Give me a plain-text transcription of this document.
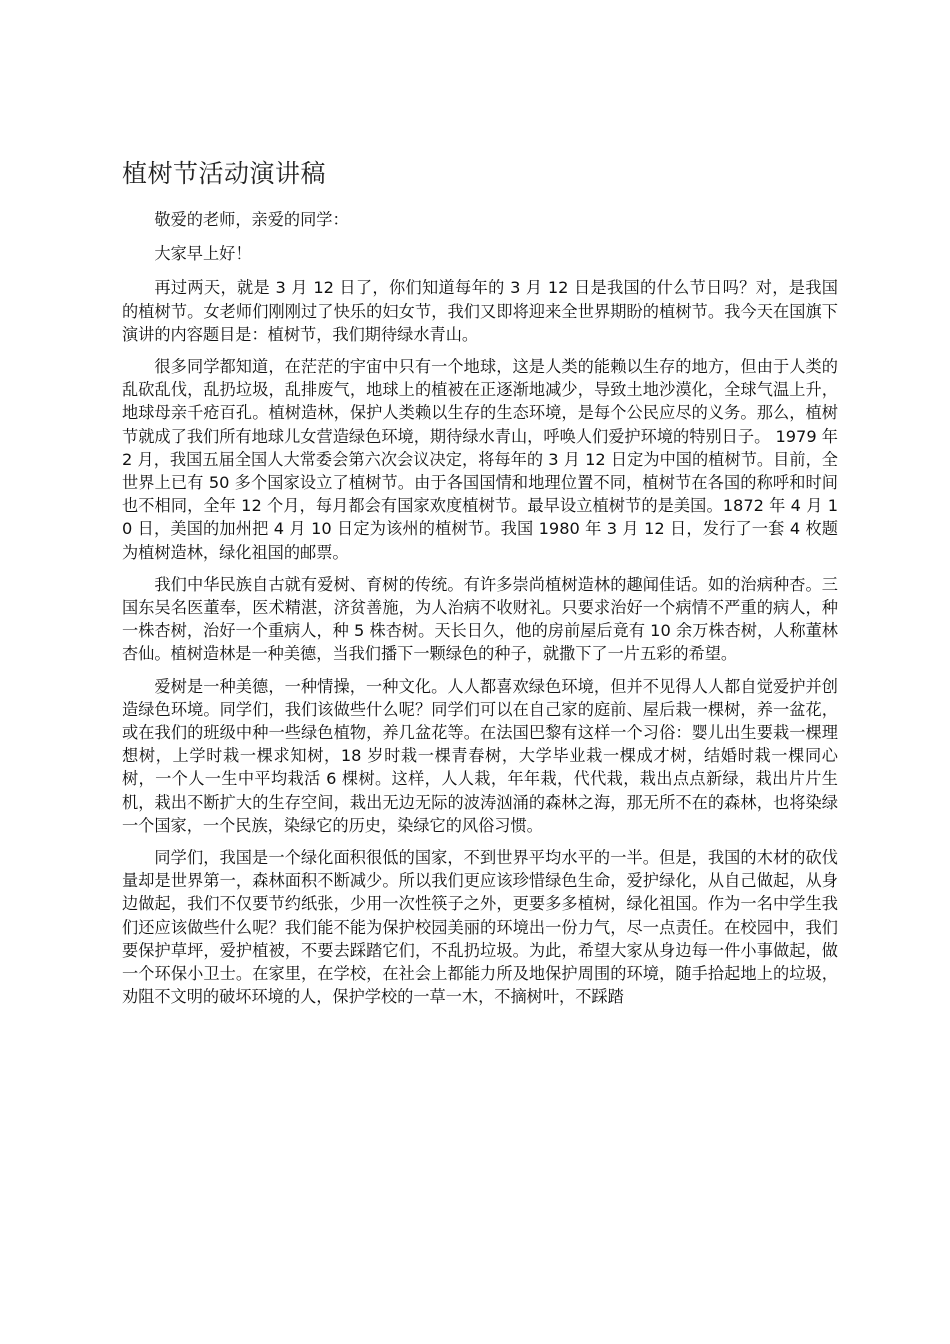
植树节活动演讲稿

敬爱的老师，亲爱的同学：

大家早上好！

再过两天，就是 3 月 12 日了，你们知道每年的 3 月 12 日是我国的什么节日吗？对，是我国的植树节。女老师们刚刚过了快乐的妇女节，我们又即将迎来全世界期盼的植树节。我今天在国旗下演讲的内容题目是：植树节，我们期待绿水青山。

很多同学都知道，在茫茫的宇宙中只有一个地球，这是人类的能赖以生存的地方，但由于人类的乱砍乱伐，乱扔垃圾，乱排废气，地球上的植被在正逐渐地减少，导致土地沙漠化，全球气温上升，地球母亲千疮百孔。植树造林，保护人类赖以生存的生态环境，是每个公民应尽的义务。那么，植树节就成了我们所有地球儿女营造绿色环境，期待绿水青山，呼唤人们爱护环境的特别日子。 1979 年 2 月，我国五届全国人大常委会第六次会议决定，将每年的 3 月 12 日定为中国的植树节。目前，全世界上已有 50 多个国家设立了植树节。由于各国国情和地理位置不同，植树节在各国的称呼和时间也不相同，全年 12 个月，每月都会有国家欢度植树节。最早设立植树节的是美国。1872 年 4 月 10 日，美国的加州把 4 月 10 日定为该州的植树节。我国 1980 年 3 月 12 日，发行了一套 4 枚题为植树造林，绿化祖国的邮票。

我们中华民族自古就有爱树、育树的传统。有许多崇尚植树造林的趣闻佳话。如的治病种杏。三国东吴名医董奉，医术精湛，济贫善施，为人治病不收财礼。只要求治好一个病情不严重的病人，种一株杏树，治好一个重病人，种 5 株杏树。天长日久，他的房前屋后竟有 10 余万株杏树，人称董林杏仙。植树造林是一种美德，当我们播下一颗绿色的种子，就撒下了一片五彩的希望。

爱树是一种美德，一种情操，一种文化。人人都喜欢绿色环境，但并不见得人人都自觉爱护并创造绿色环境。同学们，我们该做些什么呢？同学们可以在自己家的庭前、屋后栽一棵树，养一盆花，或在我们的班级中种一些绿色植物，养几盆花等。在法国巴黎有这样一个习俗：婴儿出生要栽一棵理想树，上学时栽一棵求知树，18 岁时栽一棵青春树，大学毕业栽一棵成才树，结婚时栽一棵同心树，一个人一生中平均栽活 6 棵树。这样，人人栽，年年栽，代代栽，栽出点点新绿，栽出片片生机，栽出不断扩大的生存空间，栽出无边无际的波涛汹涌的森林之海，那无所不在的森林，也将染绿一个国家，一个民族，染绿它的历史，染绿它的风俗习惯。

同学们，我国是一个绿化面积很低的国家，不到世界平均水平的一半。但是，我国的木材的砍伐量却是世界第一，森林面积不断减少。所以我们更应该珍惜绿色生命，爱护绿化，从自己做起，从身边做起，我们不仅要节约纸张，少用一次性筷子之外，更要多多植树，绿化祖国。作为一名中学生我们还应该做些什么呢？我们能不能为保护校园美丽的环境出一份力气，尽一点责任。在校园中，我们要保护草坪，爱护植被，不要去踩踏它们，不乱扔垃圾。为此，希望大家从身边每一件小事做起，做一个环保小卫士。在家里，在学校，在社会上都能力所及地保护周围的环境，随手拾起地上的垃圾，劝阻不文明的破坏环境的人，保护学校的一草一木，不摘树叶，不踩踏
